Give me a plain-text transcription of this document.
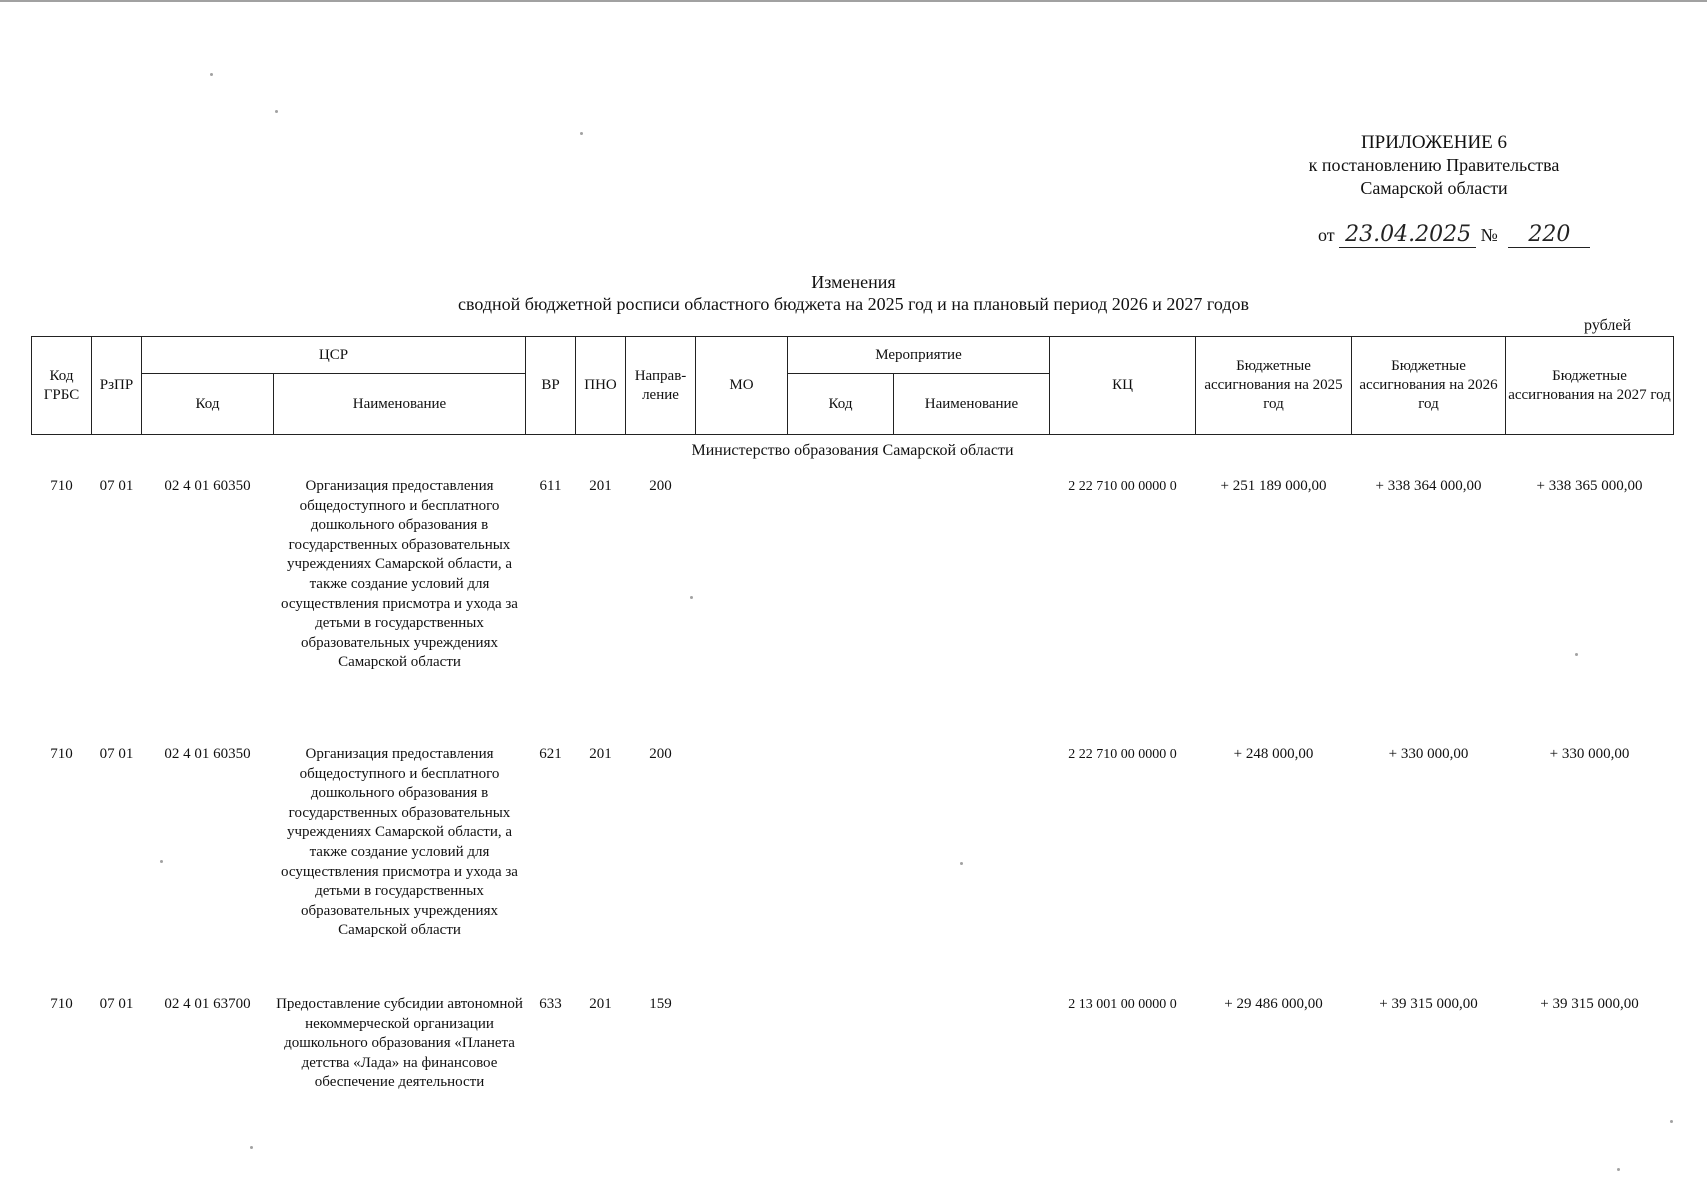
ПРИЛОЖЕНИЕ 6
к постановлению Правительства
Самарской области
от 23.04.2025 № 220
Изменения
сводной бюджетной росписи областного бюджета на 2025 год и на плановый период 2026 и 2027 годов
рублей
Код ГРБС	РзПР	ЦСР		ВР	ПНО	Направ-ление	МО	Мероприятие		КЦ	Бюджетные ассигнования на 2025 год	Бюджетные ассигнования на 2026 год	Бюджетные ассигнования на 2027 год
		Код	Наименование					Код	Наименование				
Министерство образования Самарской области													
710	07 01	02 4 01 60350	Организация предоставления общедоступного и бесплатного дошкольного образования в государственных образовательных учреждениях Самарской области, а также создание условий для осуществления присмотра и ухода за детьми в государственных образовательных учреждениях Самарской области	611	201	200				2 22 710 00 0000 0	+ 251 189 000,00	+ 338 364 000,00	+ 338 365 000,00
710	07 01	02 4 01 60350	Организация предоставления общедоступного и бесплатного дошкольного образования в государственных образовательных учреждениях Самарской области, а также создание условий для осуществления присмотра и ухода за детьми в государственных образовательных учреждениях Самарской области	621	201	200				2 22 710 00 0000 0	+ 248 000,00	+ 330 000,00	+ 330 000,00
710	07 01	02 4 01 63700	Предоставление субсидии автономной некоммерческой организации дошкольного образования «Планета детства «Лада» на финансовое обеспечение деятельности	633	201	159				2 13 001 00 0000 0	+ 29 486 000,00	+ 39 315 000,00	+ 39 315 000,00
